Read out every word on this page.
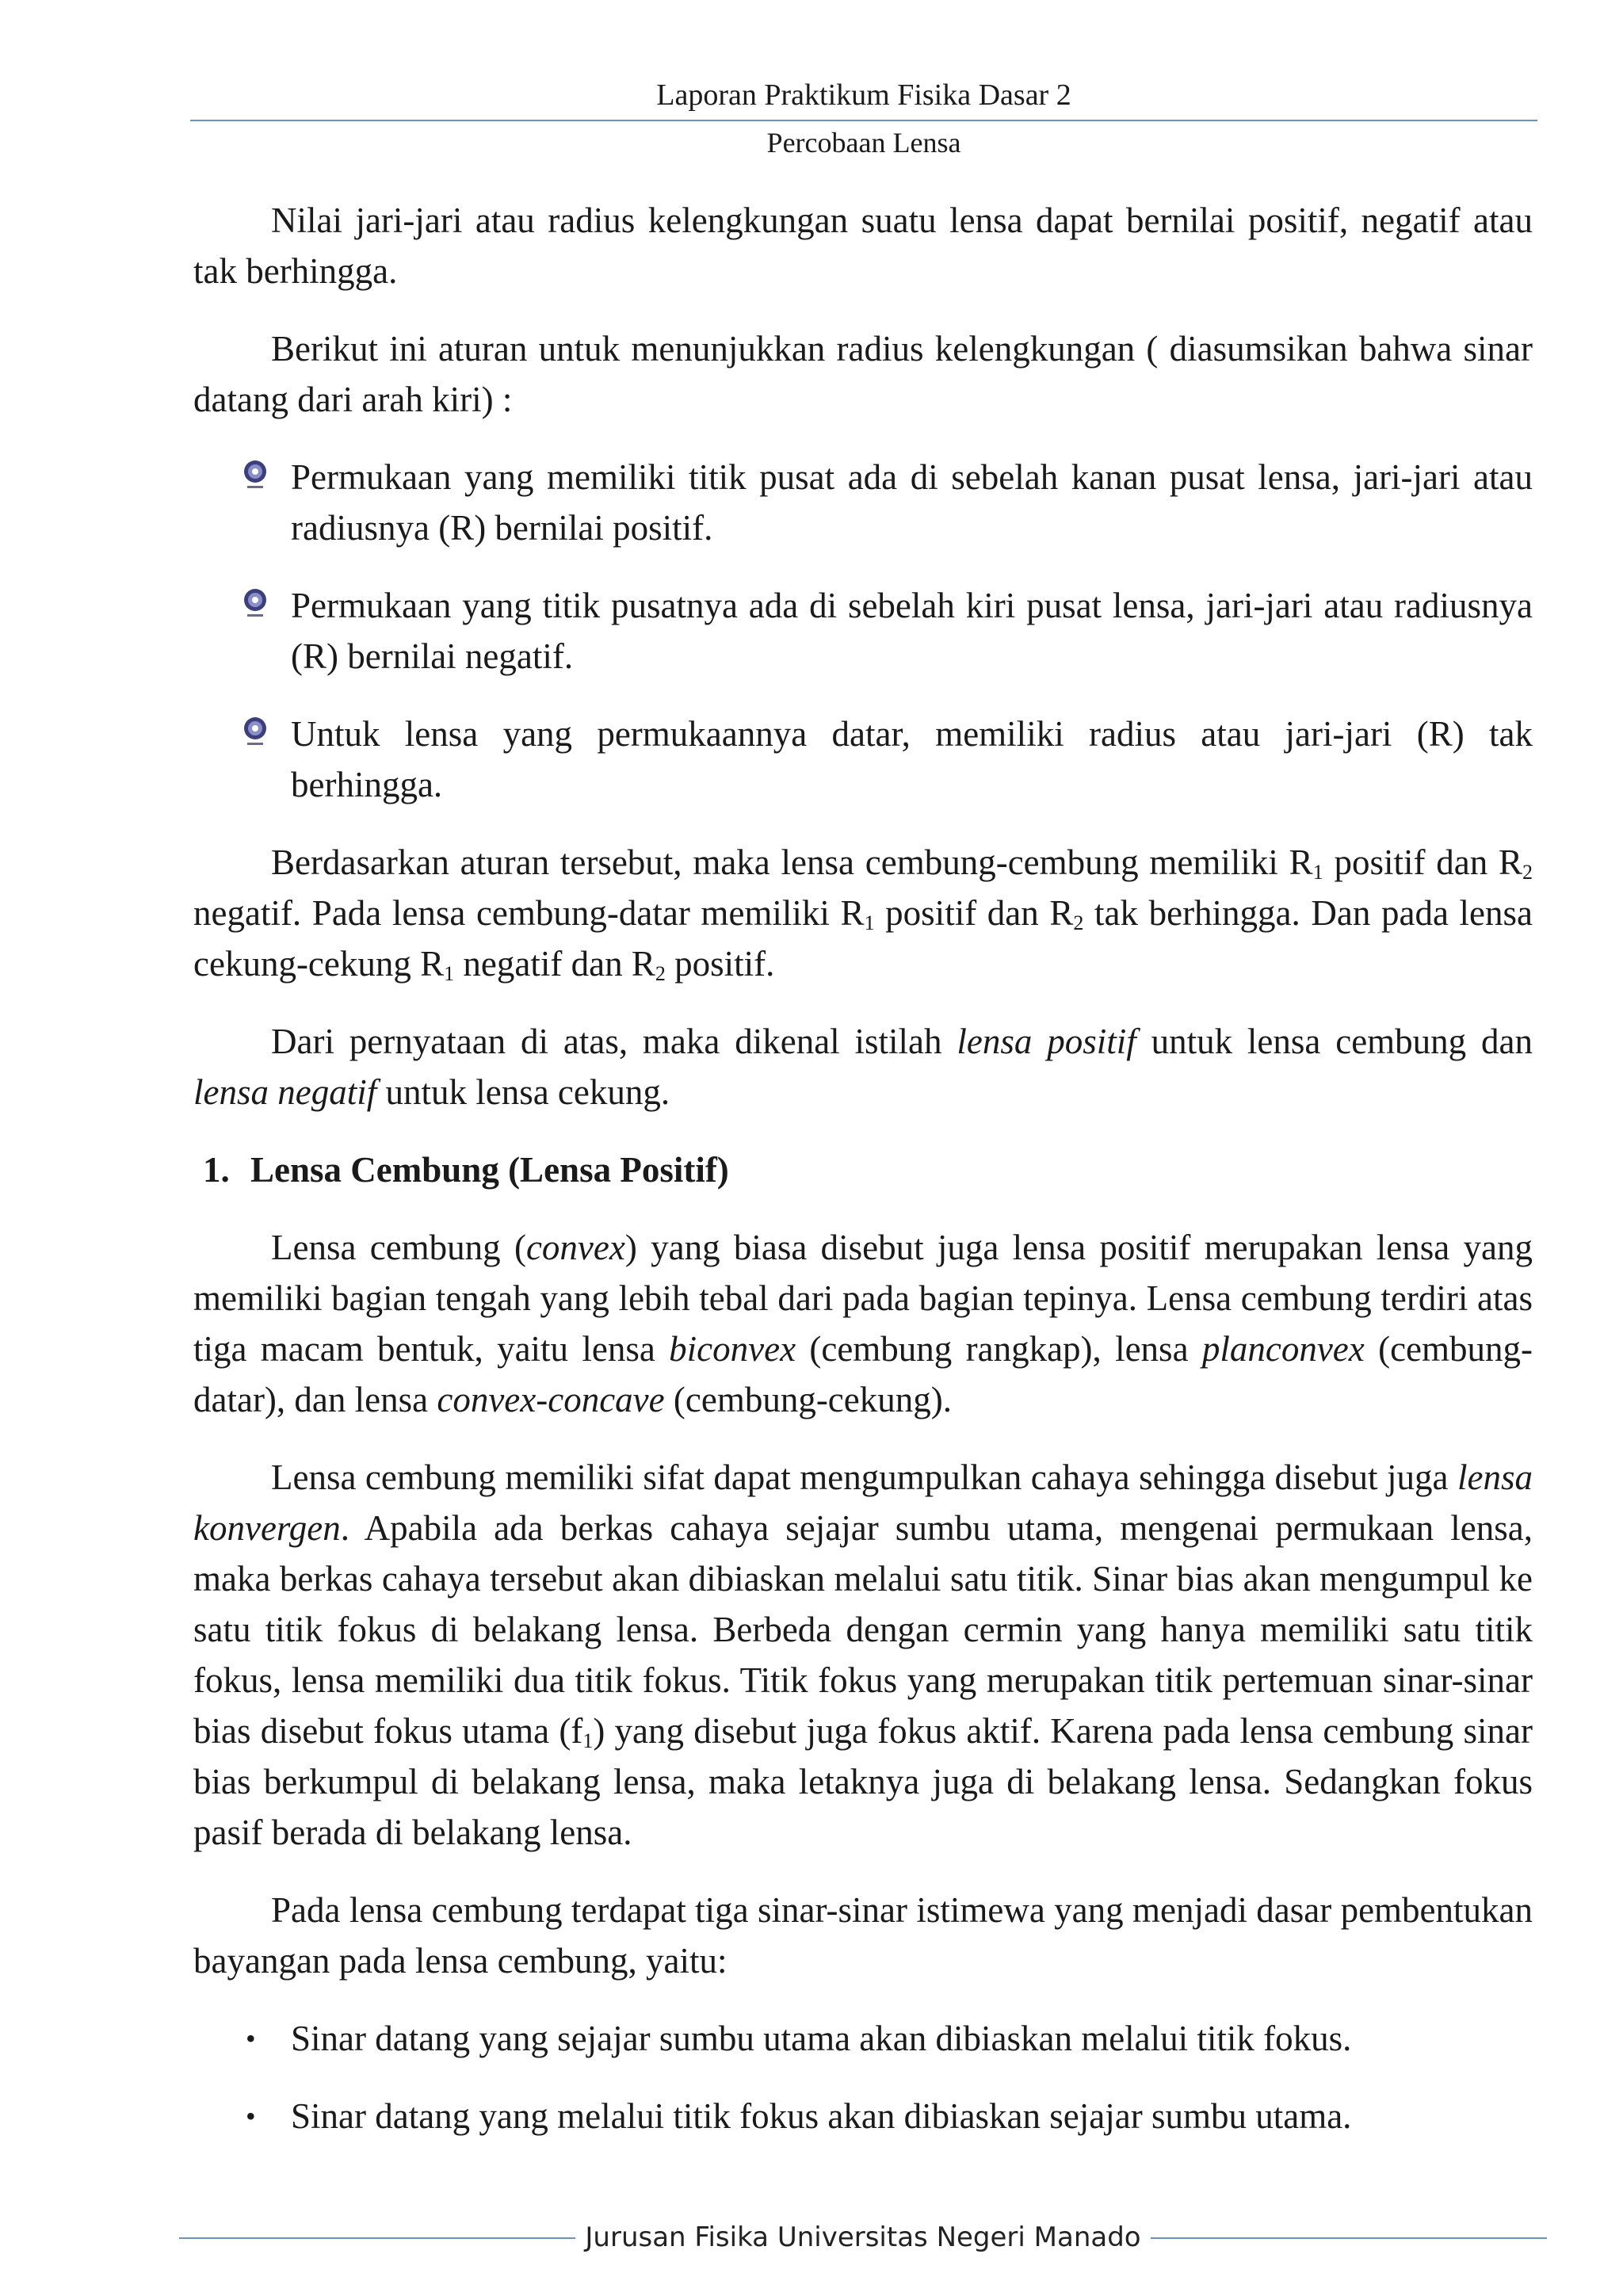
Laporan Praktikum Fisika Dasar 2
Percobaan Lensa

Nilai jari-jari atau radius kelengkungan suatu lensa dapat bernilai positif, negatif atau tak berhingga.

Berikut ini aturan untuk menunjukkan radius kelengkungan ( diasumsikan bahwa sinar datang dari arah kiri) :

Permukaan yang memiliki titik pusat ada di sebelah kanan pusat lensa, jari-jari atau radiusnya (R) bernilai positif.
Permukaan yang titik pusatnya ada di sebelah kiri pusat lensa, jari-jari atau radiusnya (R) bernilai negatif.
Untuk lensa yang permukaannya datar, memiliki radius atau jari-jari (R) tak berhingga.

Berdasarkan aturan tersebut, maka lensa cembung-cembung memiliki $R_1$ positif dan $R_2$ negatif. Pada lensa cembung-datar memiliki $R_1$ positif dan $R_2$ tak berhingga. Dan pada lensa cekung-cekung $R_1$ negatif dan $R_2$ positif.

Dari pernyataan di atas, maka dikenal istilah lensa positif untuk lensa cembung dan lensa negatif untuk lensa cekung.

1. Lensa Cembung (Lensa Positif)

Lensa cembung (convex) yang biasa disebut juga lensa positif merupakan lensa yang memiliki bagian tengah yang lebih tebal dari pada bagian tepinya. Lensa cembung terdiri atas tiga macam bentuk, yaitu lensa biconvex (cembung rangkap), lensa planconvex (cembung-datar), dan lensa convex-concave (cembung-cekung).

Lensa cembung memiliki sifat dapat mengumpulkan cahaya sehingga disebut juga lensa konvergen. Apabila ada berkas cahaya sejajar sumbu utama, mengenai permukaan lensa, maka berkas cahaya tersebut akan dibiaskan melalui satu titik. Sinar bias akan mengumpul ke satu titik fokus di belakang lensa. Berbeda dengan cermin yang hanya memiliki satu titik fokus, lensa memiliki dua titik fokus. Titik fokus yang merupakan titik pertemuan sinar-sinar bias disebut fokus utama $(f_1)$ yang disebut juga fokus aktif. Karena pada lensa cembung sinar bias berkumpul di belakang lensa, maka letaknya juga di belakang lensa. Sedangkan fokus pasif berada di belakang lensa.

Pada lensa cembung terdapat tiga sinar-sinar istimewa yang menjadi dasar pembentukan bayangan pada lensa cembung, yaitu:

• Sinar datang yang sejajar sumbu utama akan dibiaskan melalui titik fokus.
• Sinar datang yang melalui titik fokus akan dibiaskan sejajar sumbu utama.
Jurusan Fisika Universitas Negeri Manado
